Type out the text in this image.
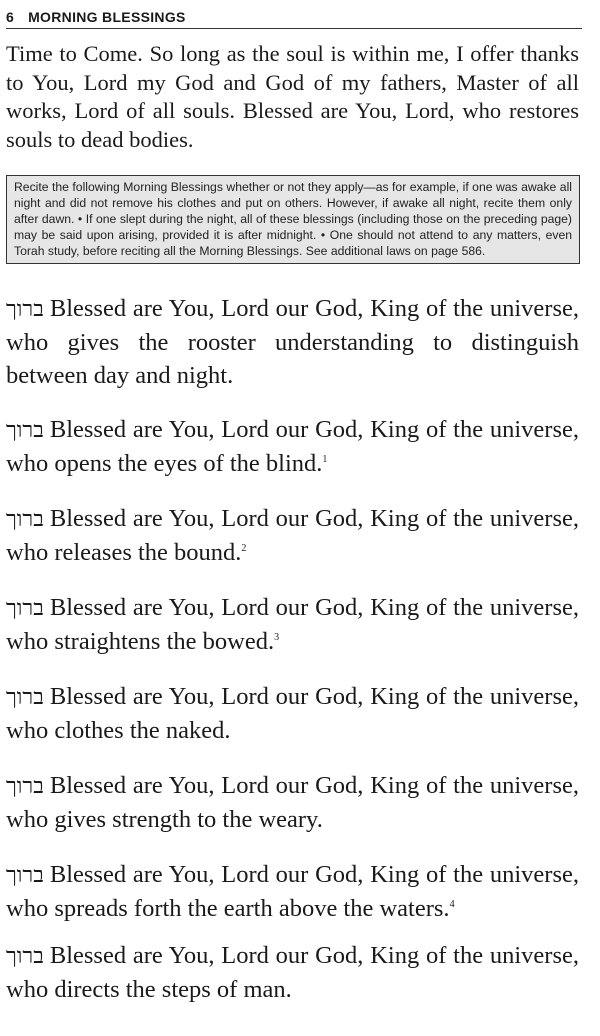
6 MORNING BLESSINGS

Time to Come. So long as the soul is within me, I offer thanks to You, Lord my God and God of my fathers, Master of all works, Lord of all souls. Blessed are You, Lord, who restores souls to dead bodies.

Recite the following Morning Blessings whether or not they apply—as for example, if one was awake all night and did not remove his clothes and put on others. However, if awake all night, recite them only after dawn. • If one slept during the night, all of these blessings (including those on the preceding page) may be said upon arising, provided it is after midnight. • One should not attend to any matters, even Torah study, before reciting all the Morning Blessings. See additional laws on page 586.

ברוך Blessed are You, Lord our God, King of the universe, who gives the rooster understanding to distinguish between day and night.

ברוך Blessed are You, Lord our God, King of the universe, who opens the eyes of the blind.$^1$

ברוך Blessed are You, Lord our God, King of the universe, who releases the bound.$^2$

ברוך Blessed are You, Lord our God, King of the universe, who straightens the bowed.$^3$

ברוך Blessed are You, Lord our God, King of the universe, who clothes the naked.

ברוך Blessed are You, Lord our God, King of the universe, who gives strength to the weary.

ברוך Blessed are You, Lord our God, King of the universe, who spreads forth the earth above the waters.$^4$

ברוך Blessed are You, Lord our God, King of the universe, who directs the steps of man.
